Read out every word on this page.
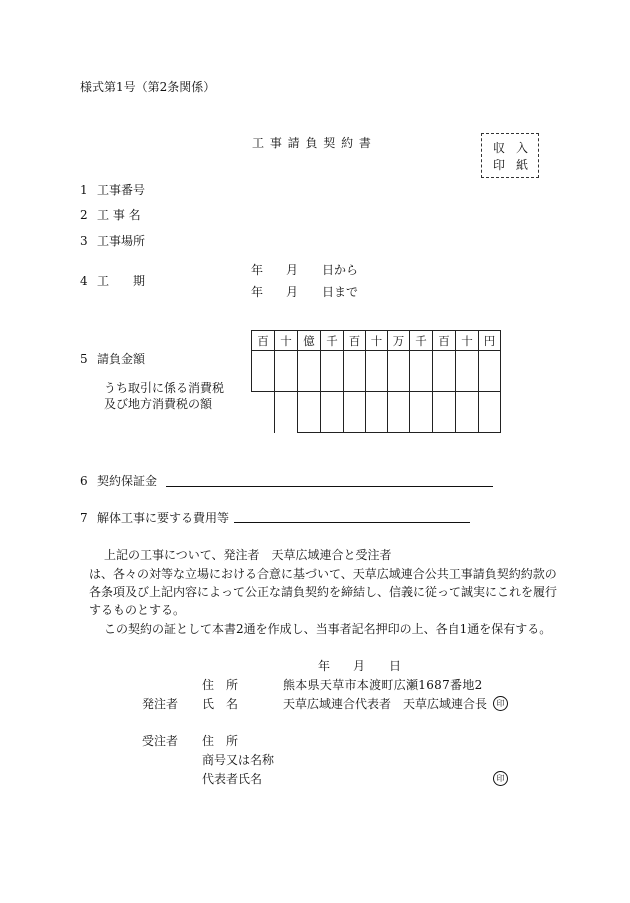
様式第1号（第2条関係）
工 事 請 負 契 約 書	収 入
印 紙
1 工事番号
2 工 事 名
3 工事場所
4 工　　期
年 月 日から
年 月 日まで
5 請負金額
うち取引に係る消費税
及び地方消費税の額
百	十	億	千	百	十	万	千	百	十	円

6 契約保証金
7 解体工事に要する費用等
上記の工事について、発注者　天草広域連合と受注者
は、各々の対等な立場における合意に基づいて、天草広域連合公共工事請負契約約款の
各条項及び上記内容によって公正な請負契約を締結し、信義に従って誠実にこれを履行
するものとする。
この契約の証として本書2通を作成し、当事者記名押印の上、各自1通を保有する。
年 月 日
住　所	熊本県天草市本渡町広瀬1687番地2
発注者 氏　名	天草広域連合代表者　天草広域連合長	印
受注者 住　所
商号又は名称
代表者氏名	印
